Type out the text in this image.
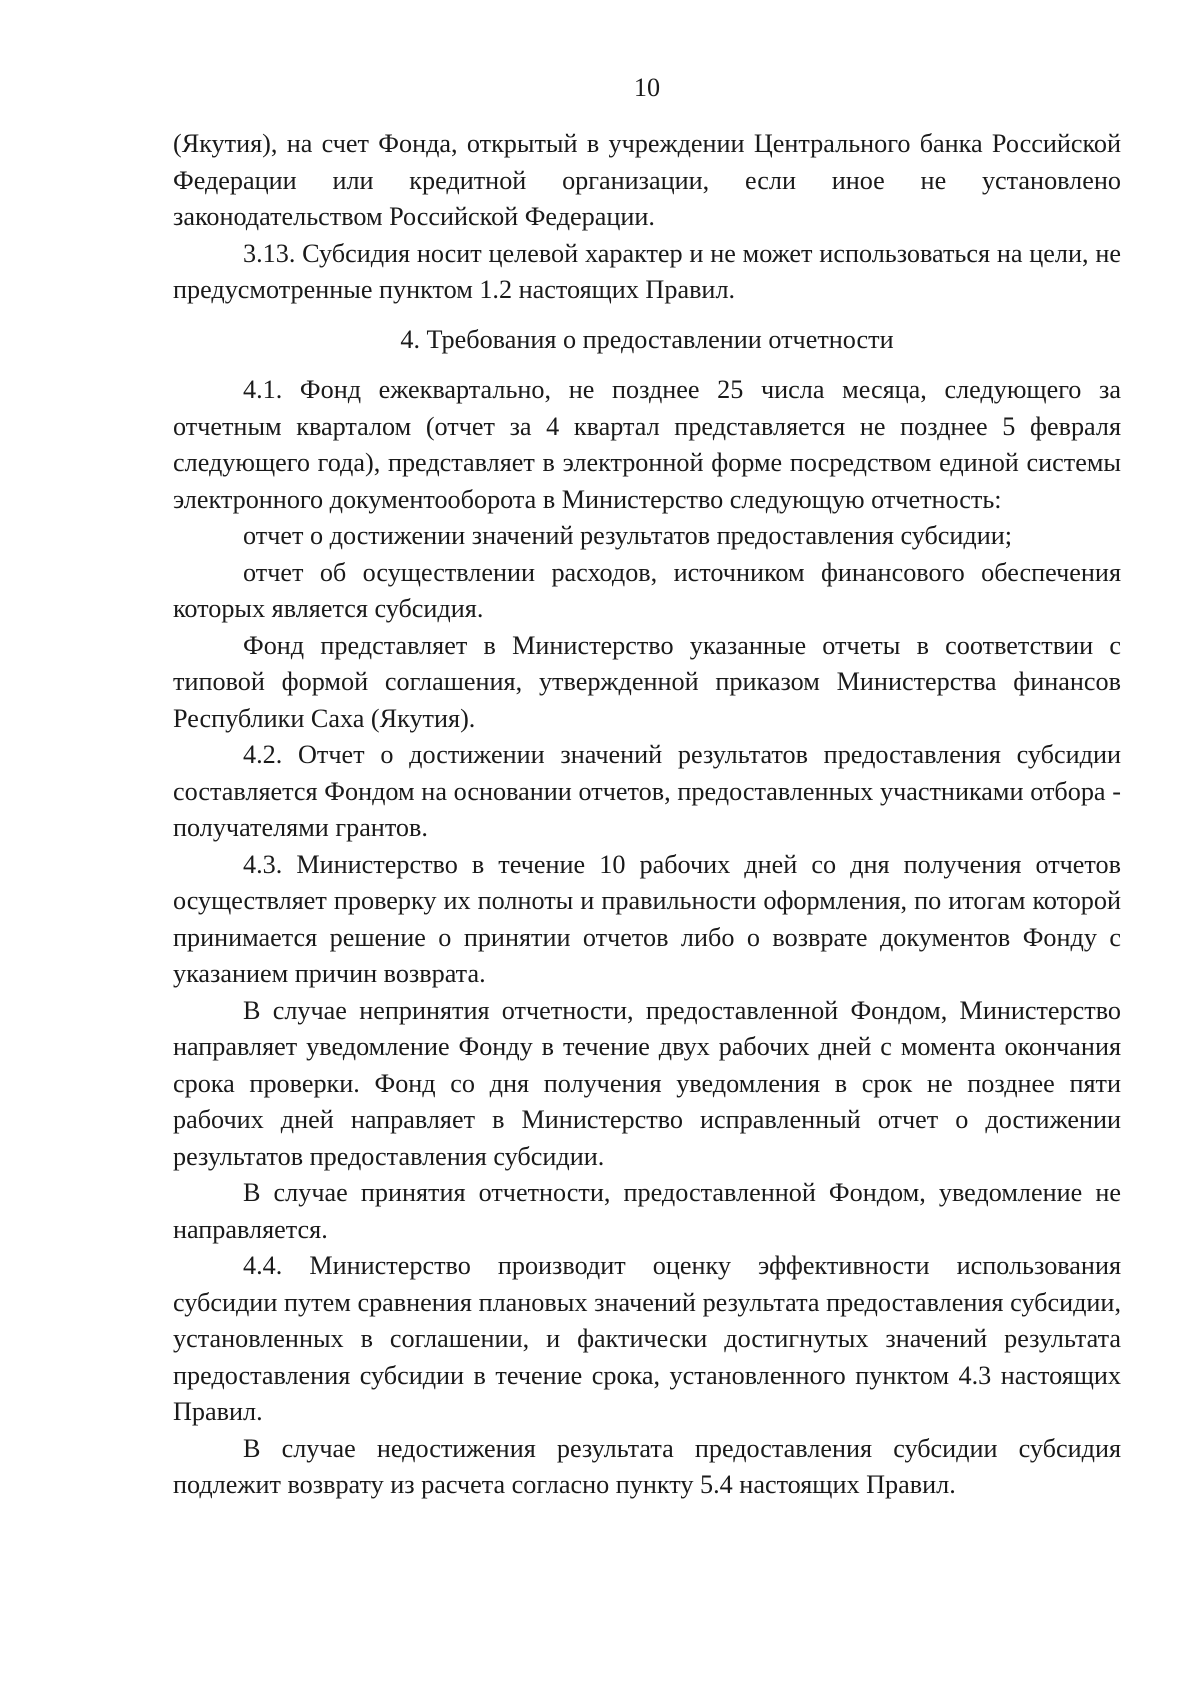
10

(Якутия), на счет Фонда, открытый в учреждении Центрального банка Российской Федерации или кредитной организации, если иное не установлено законодательством Российской Федерации.

3.13. Субсидия носит целевой характер и не может использоваться на цели, не предусмотренные пунктом 1.2 настоящих Правил.

4. Требования о предоставлении отчетности

4.1. Фонд ежеквартально, не позднее 25 числа месяца, следующего за отчетным кварталом (отчет за 4 квартал представляется не позднее 5 февраля следующего года), представляет в электронной форме посредством единой системы электронного документооборота в Министерство следующую отчетность:

отчет о достижении значений результатов предоставления субсидии;

отчет об осуществлении расходов, источником финансового обеспечения которых является субсидия.

Фонд представляет в Министерство указанные отчеты в соответствии с типовой формой соглашения, утвержденной приказом Министерства финансов Республики Саха (Якутия).

4.2. Отчет о достижении значений результатов предоставления субсидии составляется Фондом на основании отчетов, предоставленных участниками отбора - получателями грантов.

4.3. Министерство в течение 10 рабочих дней со дня получения отчетов осуществляет проверку их полноты и правильности оформления, по итогам которой принимается решение о принятии отчетов либо о возврате документов Фонду с указанием причин возврата.

В случае непринятия отчетности, предоставленной Фондом, Министерство направляет уведомление Фонду в течение двух рабочих дней с момента окончания срока проверки. Фонд со дня получения уведомления в срок не позднее пяти рабочих дней направляет в Министерство исправленный отчет о достижении результатов предоставления субсидии.

В случае принятия отчетности, предоставленной Фондом, уведомление не направляется.

4.4. Министерство производит оценку эффективности использования субсидии путем сравнения плановых значений результата предоставления субсидии, установленных в соглашении, и фактически достигнутых значений результата предоставления субсидии в течение срока, установленного пунктом 4.3 настоящих Правил.

В случае недостижения результата предоставления субсидии субсидия подлежит возврату из расчета согласно пункту 5.4 настоящих Правил.
